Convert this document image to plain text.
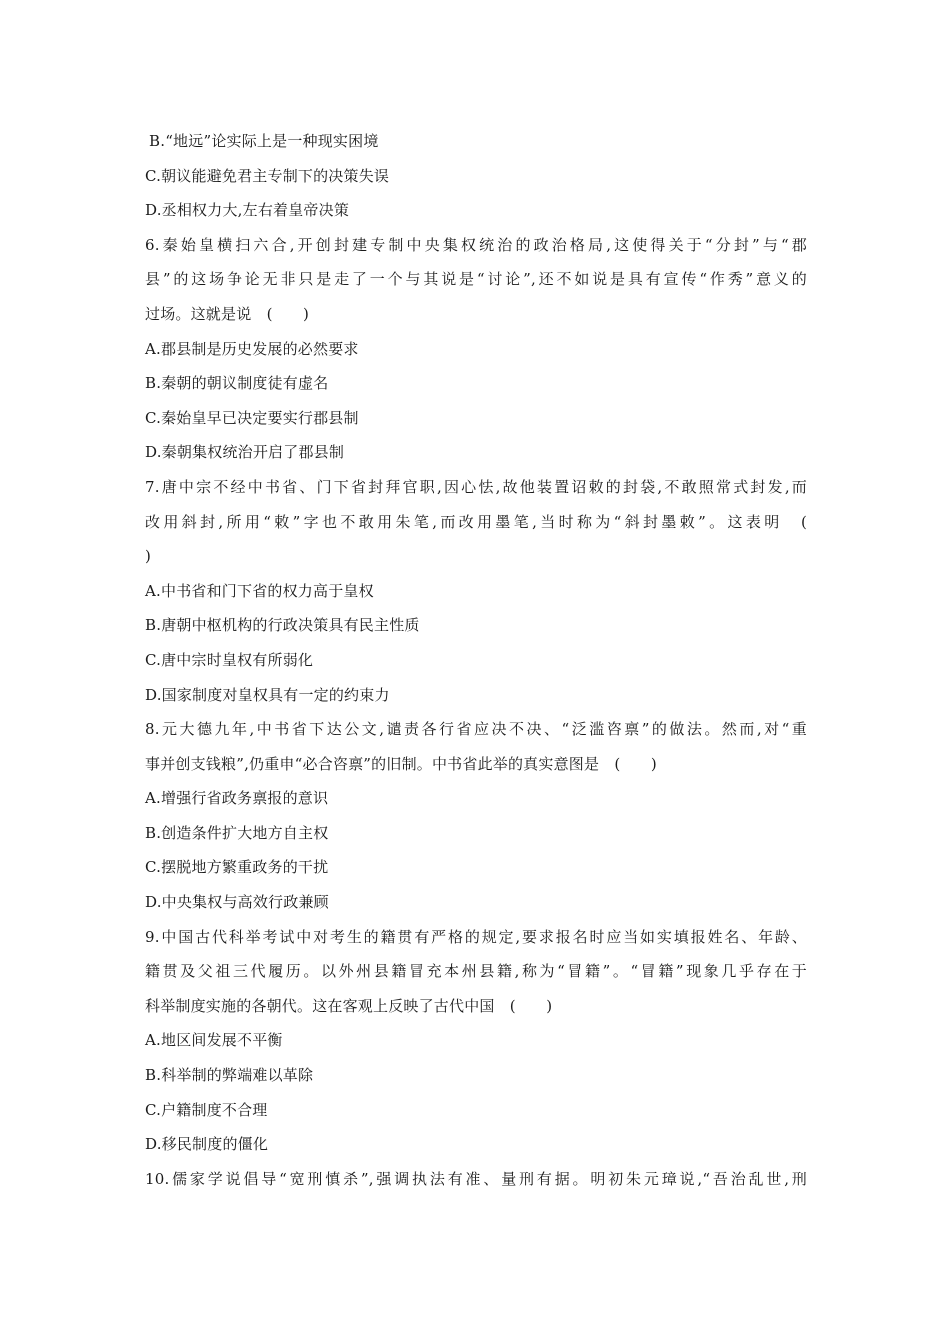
B.“地远”论实际上是一种现实困境
C.朝议能避免君主专制下的决策失误
D.丞相权力大,左右着皇帝决策
6.秦始皇横扫六合,开创封建专制中央集权统治的政治格局,这使得关于“分封”与“郡
县”的这场争论无非只是走了一个与其说是“讨论”,还不如说是具有宣传“作秀”意义的
过场。这就是说　(　　)
A.郡县制是历史发展的必然要求
B.秦朝的朝议制度徒有虚名
C.秦始皇早已决定要实行郡县制
D.秦朝集权统治开启了郡县制
7.唐中宗不经中书省、门下省封拜官职,因心怯,故他装置诏敕的封袋,不敢照常式封发,而
改用斜封,所用“敕”字也不敢用朱笔,而改用墨笔,当时称为“斜封墨敕”。这表明　(
)
A.中书省和门下省的权力高于皇权
B.唐朝中枢机构的行政决策具有民主性质
C.唐中宗时皇权有所弱化
D.国家制度对皇权具有一定的约束力
8.元大德九年,中书省下达公文,谴责各行省应决不决、“泛滥咨禀”的做法。然而,对“重
事并创支钱粮”,仍重申“必合咨禀”的旧制。中书省此举的真实意图是　(　　)
A.增强行省政务禀报的意识
B.创造条件扩大地方自主权
C.摆脱地方繁重政务的干扰
D.中央集权与高效行政兼顾
9.中国古代科举考试中对考生的籍贯有严格的规定,要求报名时应当如实填报姓名、年龄、
籍贯及父祖三代履历。以外州县籍冒充本州县籍,称为“冒籍”。“冒籍”现象几乎存在于
科举制度实施的各朝代。这在客观上反映了古代中国　(　　)
A.地区间发展不平衡
B.科举制的弊端难以革除
C.户籍制度不合理
D.移民制度的僵化
10.儒家学说倡导“宽刑慎杀”,强调执法有准、量刑有据。明初朱元璋说,“吾治乱世,刑
